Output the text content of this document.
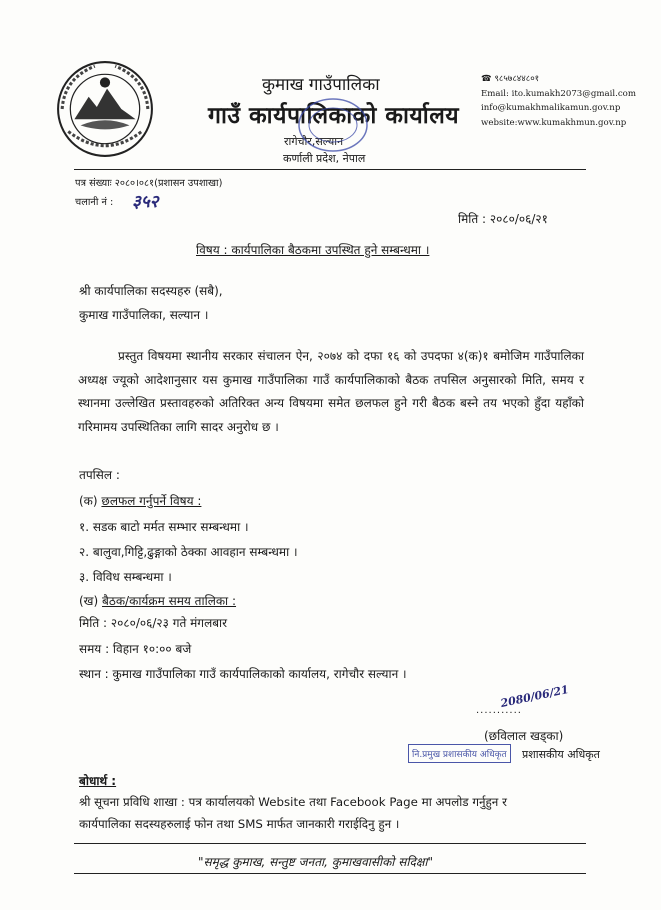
कुमाख गाउँपालिका
गाउँ कार्यपालिकाको कार्यालय
रागेचौर,सल्यान
कर्णाली प्रदेश, नेपाल
☎ ९८५७८४४८०१
Email: ito.kumakh2073@gmail.com
info@kumakhmalikamun.gov.np
website:www.kumakhmun.gov.np
पत्र संख्याः २०८०।०८१(प्रशासन उपशाखा)
चलानी नं : ३५२
मिति : २०८०/०६/२१
विषय : कार्यपालिका बैठकमा उपस्थित हुने सम्बन्धमा ।
श्री कार्यपालिका सदस्यहरु (सबै),
कुमाख गाउँपालिका, सल्यान ।
प्रस्तुत विषयमा स्थानीय सरकार संचालन ऐन, २०७४ को दफा १६ को उपदफा ४(क)१ बमोजिम गाउँपालिका अध्यक्ष ज्यूको आदेशानुसार यस कुमाख गाउँपालिका गाउँ कार्यपालिकाको बैठक तपसिल अनुसारको मिति, समय र स्थानमा उल्लेखित प्रस्तावहरुको अतिरिक्त अन्य विषयमा समेत छलफल हुने गरी बैठक बस्ने तय भएको हुँदा यहाँको गरिमामय उपस्थितिका लागि सादर अनुरोध छ ।
तपसिल :
(क) छलफल गर्नुपर्ने विषय :
१. सडक बाटो मर्मत सम्भार सम्बन्धमा ।
२. बालुवा,गिट्टि,ढुङ्गाको ठेक्का आवहान सम्बन्धमा ।
३. विविध सम्बन्धमा ।
(ख) बैठक/कार्यक्रम समय तालिका :
मिति : २०८०/०६/२३ गते मंगलबार
समय : विहान १०:०० बजे
स्थान : कुमाख गाउँपालिका गाउँ कार्यपालिकाको कार्यालय, रागेचौर सल्यान ।
2080/06/21
...........
(छविलाल खड्का)
नि.प्रमुख प्रशासकीय अधिकृत	प्रशासकीय अधिकृत
बोधार्थ :
श्री सूचना प्रविधि शाखा : पत्र कार्यालयको Website तथा Facebook Page मा अपलोड गर्नुहुन र
कार्यपालिका सदस्यहरुलाई फोन तथा SMS मार्फत जानकारी गराईदिनु हुन ।
"समृद्ध कुमाख, सन्तुष्ट जनता, कुमाखवासीको सदिक्षा"
